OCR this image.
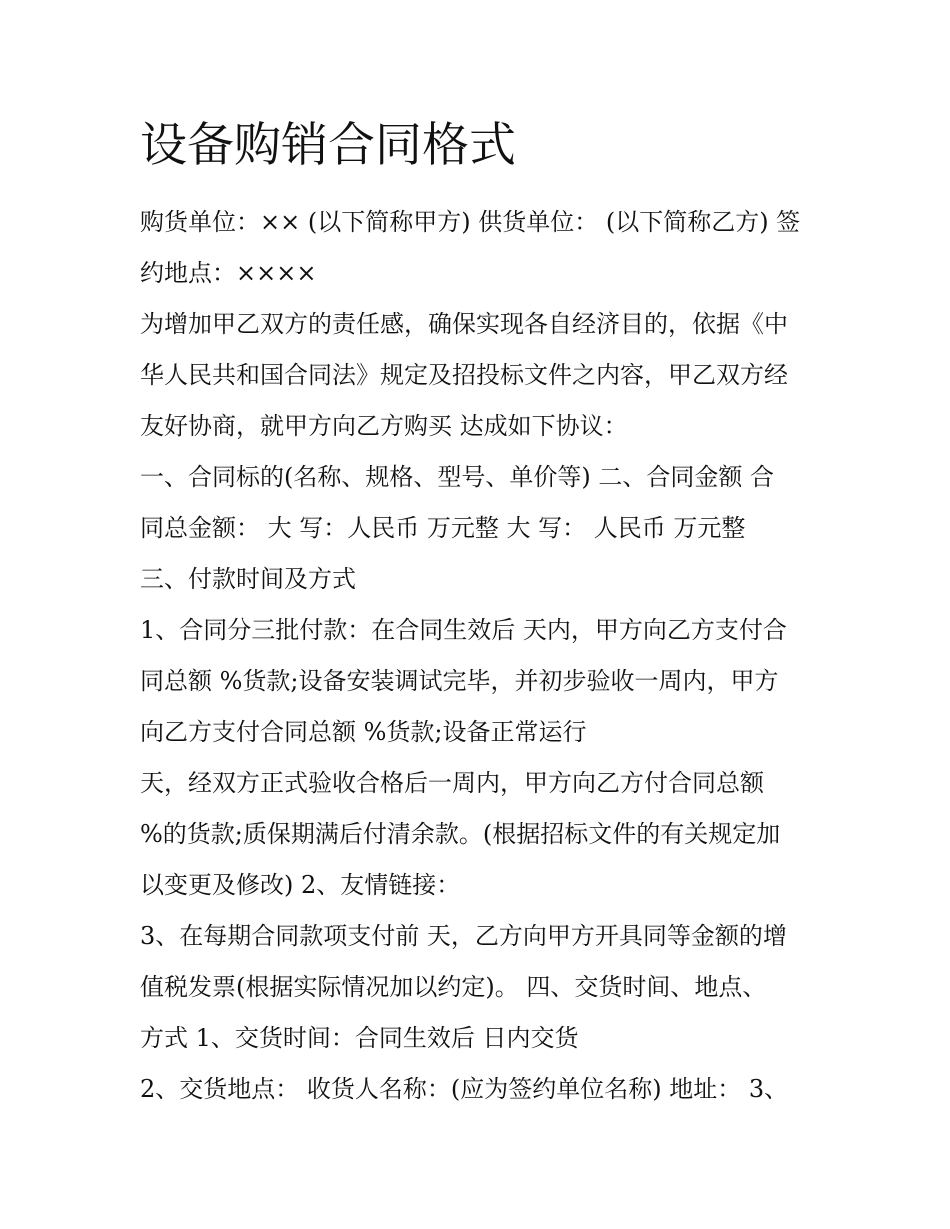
设备购销合同格式

购货单位：×× (以下简称甲方) 供货单位： (以下简称乙方) 签

约地点：××××

为增加甲乙双方的责任感，确保实现各自经济目的，依据《中

华人民共和国合同法》规定及招投标文件之内容，甲乙双方经

友好协商，就甲方向乙方购买 达成如下协议：

一、合同标的(名称、规格、型号、单价等) 二、合同金额 合

同总金额： 大 写：人民币 万元整 大 写： 人民币 万元整

三、付款时间及方式

1、合同分三批付款：在合同生效后 天内，甲方向乙方支付合

同总额 %货款;设备安装调试完毕，并初步验收一周内，甲方

向乙方支付合同总额 %货款;设备正常运行

天，经双方正式验收合格后一周内，甲方向乙方付合同总额

%的货款;质保期满后付清余款。(根据招标文件的有关规定加

以变更及修改) 2、友情链接：

3、在每期合同款项支付前 天，乙方向甲方开具同等金额的增

值税发票(根据实际情况加以约定)。 四、交货时间、地点、

方式 1、交货时间：合同生效后 日内交货

2、交货地点： 收货人名称：(应为签约单位名称) 地址： 3、
